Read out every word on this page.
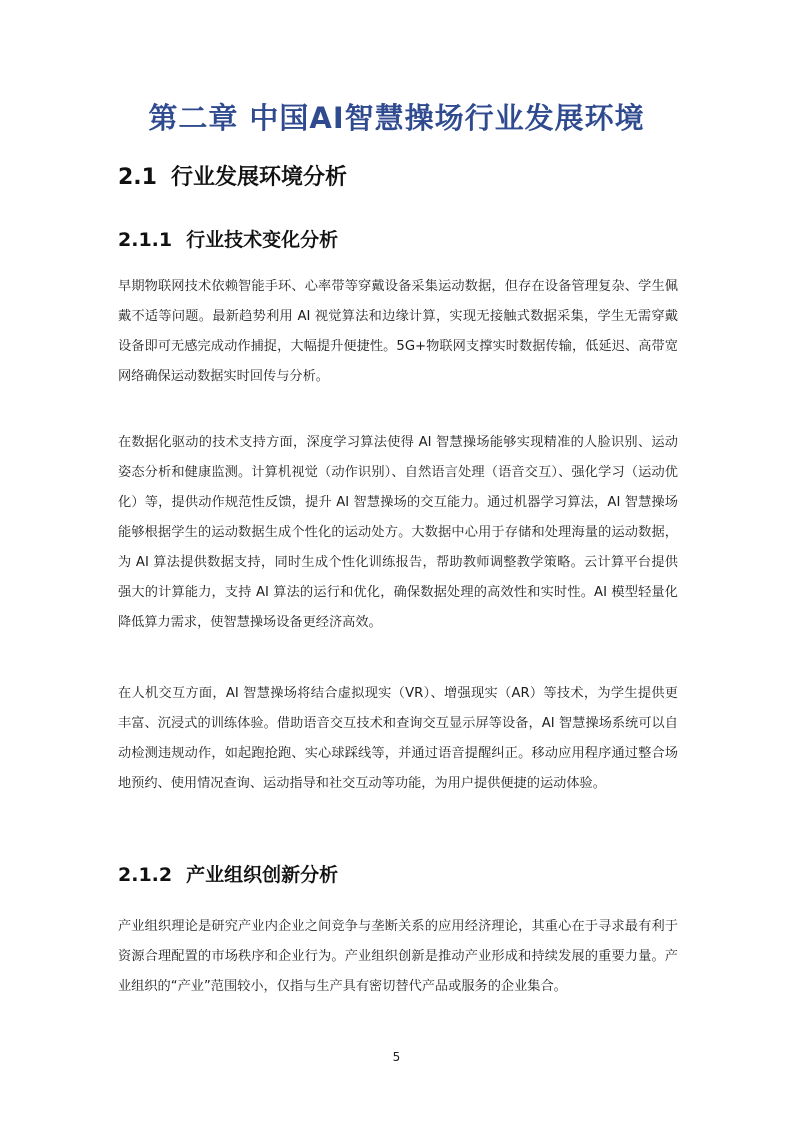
第二章 中国AI智慧操场行业发展环境
2.1 行业发展环境分析
2.1.1 行业技术变化分析

早期物联网技术依赖智能手环、心率带等穿戴设备采集运动数据，但存在设备管理复杂、学生佩戴不适等问题。最新趋势利用 AI 视觉算法和边缘计算，实现无接触式数据采集，学生无需穿戴设备即可无感完成动作捕捉，大幅提升便捷性。5G+物联网支撑实时数据传输，低延迟、高带宽网络确保运动数据实时回传与分析。

在数据化驱动的技术支持方面，深度学习算法使得 AI 智慧操场能够实现精准的人脸识别、运动姿态分析和健康监测。计算机视觉（动作识别）、自然语言处理（语音交互）、强化学习（运动优化）等，提供动作规范性反馈，提升 AI 智慧操场的交互能力。通过机器学习算法，AI 智慧操场能够根据学生的运动数据生成个性化的运动处方。大数据中心用于存储和处理海量的运动数据，为 AI 算法提供数据支持，同时生成个性化训练报告，帮助教师调整教学策略。云计算平台提供强大的计算能力，支持 AI 算法的运行和优化，确保数据处理的高效性和实时性。AI 模型轻量化降低算力需求，使智慧操场设备更经济高效。

在人机交互方面，AI 智慧操场将结合虚拟现实（VR）、增强现实（AR）等技术，为学生提供更丰富、沉浸式的训练体验。借助语音交互技术和查询交互显示屏等设备，AI 智慧操场系统可以自动检测违规动作，如起跑抢跑、实心球踩线等，并通过语音提醒纠正。移动应用程序通过整合场地预约、使用情况查询、运动指导和社交互动等功能，为用户提供便捷的运动体验。

2.1.2 产业组织创新分析

产业组织理论是研究产业内企业之间竞争与垄断关系的应用经济理论，其重心在于寻求最有利于资源合理配置的市场秩序和企业行为。产业组织创新是推动产业形成和持续发展的重要力量。产业组织的“产业”范围较小，仅指与生产具有密切替代产品或服务的企业集合。

5
